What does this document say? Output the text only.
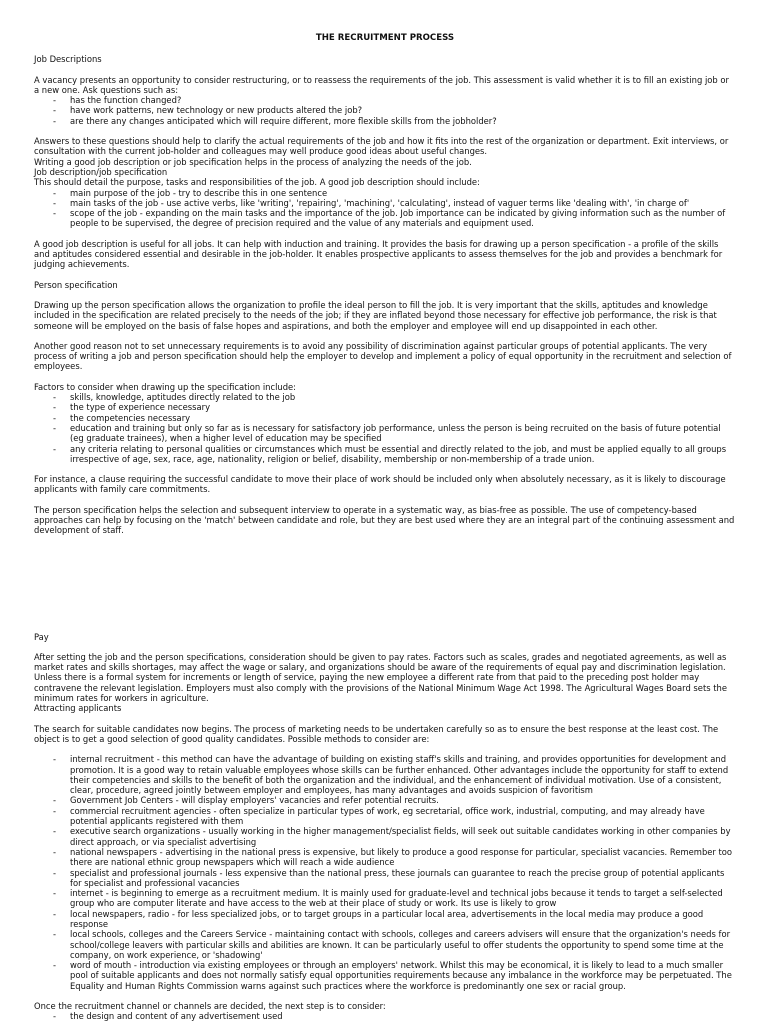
THE RECRUITMENT PROCESS
Job Descriptions
A vacancy presents an opportunity to consider restructuring, or to reassess the requirements of the job. This assessment is valid whether it is to fill an existing job or a new one. Ask questions such as:
- has the function changed?
- have work patterns, new technology or new products altered the job?
- are there any changes anticipated which will require different, more flexible skills from the jobholder?
Answers to these questions should help to clarify the actual requirements of the job and how it fits into the rest of the organization or department. Exit interviews, or consultation with the current job-holder and colleagues may well produce good ideas about useful changes.
Writing a good job description or job specification helps in the process of analyzing the needs of the job.
Job description/job specification
This should detail the purpose, tasks and responsibilities of the job. A good job description should include:
- main purpose of the job - try to describe this in one sentence
- main tasks of the job - use active verbs, like 'writing', 'repairing', 'machining', 'calculating', instead of vaguer terms like 'dealing with', 'in charge of'
- scope of the job - expanding on the main tasks and the importance of the job. Job importance can be indicated by giving information such as the number of people to be supervised, the degree of precision required and the value of any materials and equipment used.
A good job description is useful for all jobs. It can help with induction and training. It provides the basis for drawing up a person specification - a profile of the skills and aptitudes considered essential and desirable in the job-holder. It enables prospective applicants to assess themselves for the job and provides a benchmark for judging achievements.
Person specification
Drawing up the person specification allows the organization to profile the ideal person to fill the job. It is very important that the skills, aptitudes and knowledge included in the specification are related precisely to the needs of the job; if they are inflated beyond those necessary for effective job performance, the risk is that someone will be employed on the basis of false hopes and aspirations, and both the employer and employee will end up disappointed in each other.
Another good reason not to set unnecessary requirements is to avoid any possibility of discrimination against particular groups of potential applicants. The very process of writing a job and person specification should help the employer to develop and implement a policy of equal opportunity in the recruitment and selection of employees.
Factors to consider when drawing up the specification include:
- skills, knowledge, aptitudes directly related to the job
- the type of experience necessary
- the competencies necessary
- education and training but only so far as is necessary for satisfactory job performance, unless the person is being recruited on the basis of future potential (eg graduate trainees), when a higher level of education may be specified
- any criteria relating to personal qualities or circumstances which must be essential and directly related to the job, and must be applied equally to all groups irrespective of age, sex, race, age, nationality, religion or belief, disability, membership or non-membership of a trade union.
For instance, a clause requiring the successful candidate to move their place of work should be included only when absolutely necessary, as it is likely to discourage applicants with family care commitments.
The person specification helps the selection and subsequent interview to operate in a systematic way, as bias-free as possible. The use of competency-based approaches can help by focusing on the 'match' between candidate and role, but they are best used where they are an integral part of the continuing assessment and development of staff.
Pay
After setting the job and the person specifications, consideration should be given to pay rates. Factors such as scales, grades and negotiated agreements, as well as market rates and skills shortages, may affect the wage or salary, and organizations should be aware of the requirements of equal pay and discrimination legislation. Unless there is a formal system for increments or length of service, paying the new employee a different rate from that paid to the preceding post holder may contravene the relevant legislation. Employers must also comply with the provisions of the National Minimum Wage Act 1998. The Agricultural Wages Board sets the minimum rates for workers in agriculture.
Attracting applicants
The search for suitable candidates now begins. The process of marketing needs to be undertaken carefully so as to ensure the best response at the least cost. The object is to get a good selection of good quality candidates. Possible methods to consider are:
- internal recruitment - this method can have the advantage of building on existing staff's skills and training, and provides opportunities for development and promotion. It is a good way to retain valuable employees whose skills can be further enhanced. Other advantages include the opportunity for staff to extend their competencies and skills to the benefit of both the organization and the individual, and the enhancement of individual motivation. Use of a consistent, clear, procedure, agreed jointly between employer and employees, has many advantages and avoids suspicion of favoritism
- Government Job Centers - will display employers' vacancies and refer potential recruits.
- commercial recruitment agencies - often specialize in particular types of work, eg secretarial, office work, industrial, computing, and may already have potential applicants registered with them
- executive search organizations - usually working in the higher management/specialist fields, will seek out suitable candidates working in other companies by direct approach, or via specialist advertising
- national newspapers - advertising in the national press is expensive, but likely to produce a good response for particular, specialist vacancies. Remember too there are national ethnic group newspapers which will reach a wide audience
- specialist and professional journals - less expensive than the national press, these journals can guarantee to reach the precise group of potential applicants for specialist and professional vacancies
- internet - is beginning to emerge as a recruitment medium. It is mainly used for graduate-level and technical jobs because it tends to target a self-selected group who are computer literate and have access to the web at their place of study or work. Its use is likely to grow
- local newspapers, radio - for less specialized jobs, or to target groups in a particular local area, advertisements in the local media may produce a good response
- local schools, colleges and the Careers Service - maintaining contact with schools, colleges and careers advisers will ensure that the organization's needs for school/college leavers with particular skills and abilities are known. It can be particularly useful to offer students the opportunity to spend some time at the company, on work experience, or 'shadowing'
- word of mouth - introduction via existing employees or through an employers' network. Whilst this may be economical, it is likely to lead to a much smaller pool of suitable applicants and does not normally satisfy equal opportunities requirements because any imbalance in the workforce may be perpetuated. The Equality and Human Rights Commission warns against such practices where the workforce is predominantly one sex or racial group.
Once the recruitment channel or channels are decided, the next step is to consider:
- the design and content of any advertisement used
